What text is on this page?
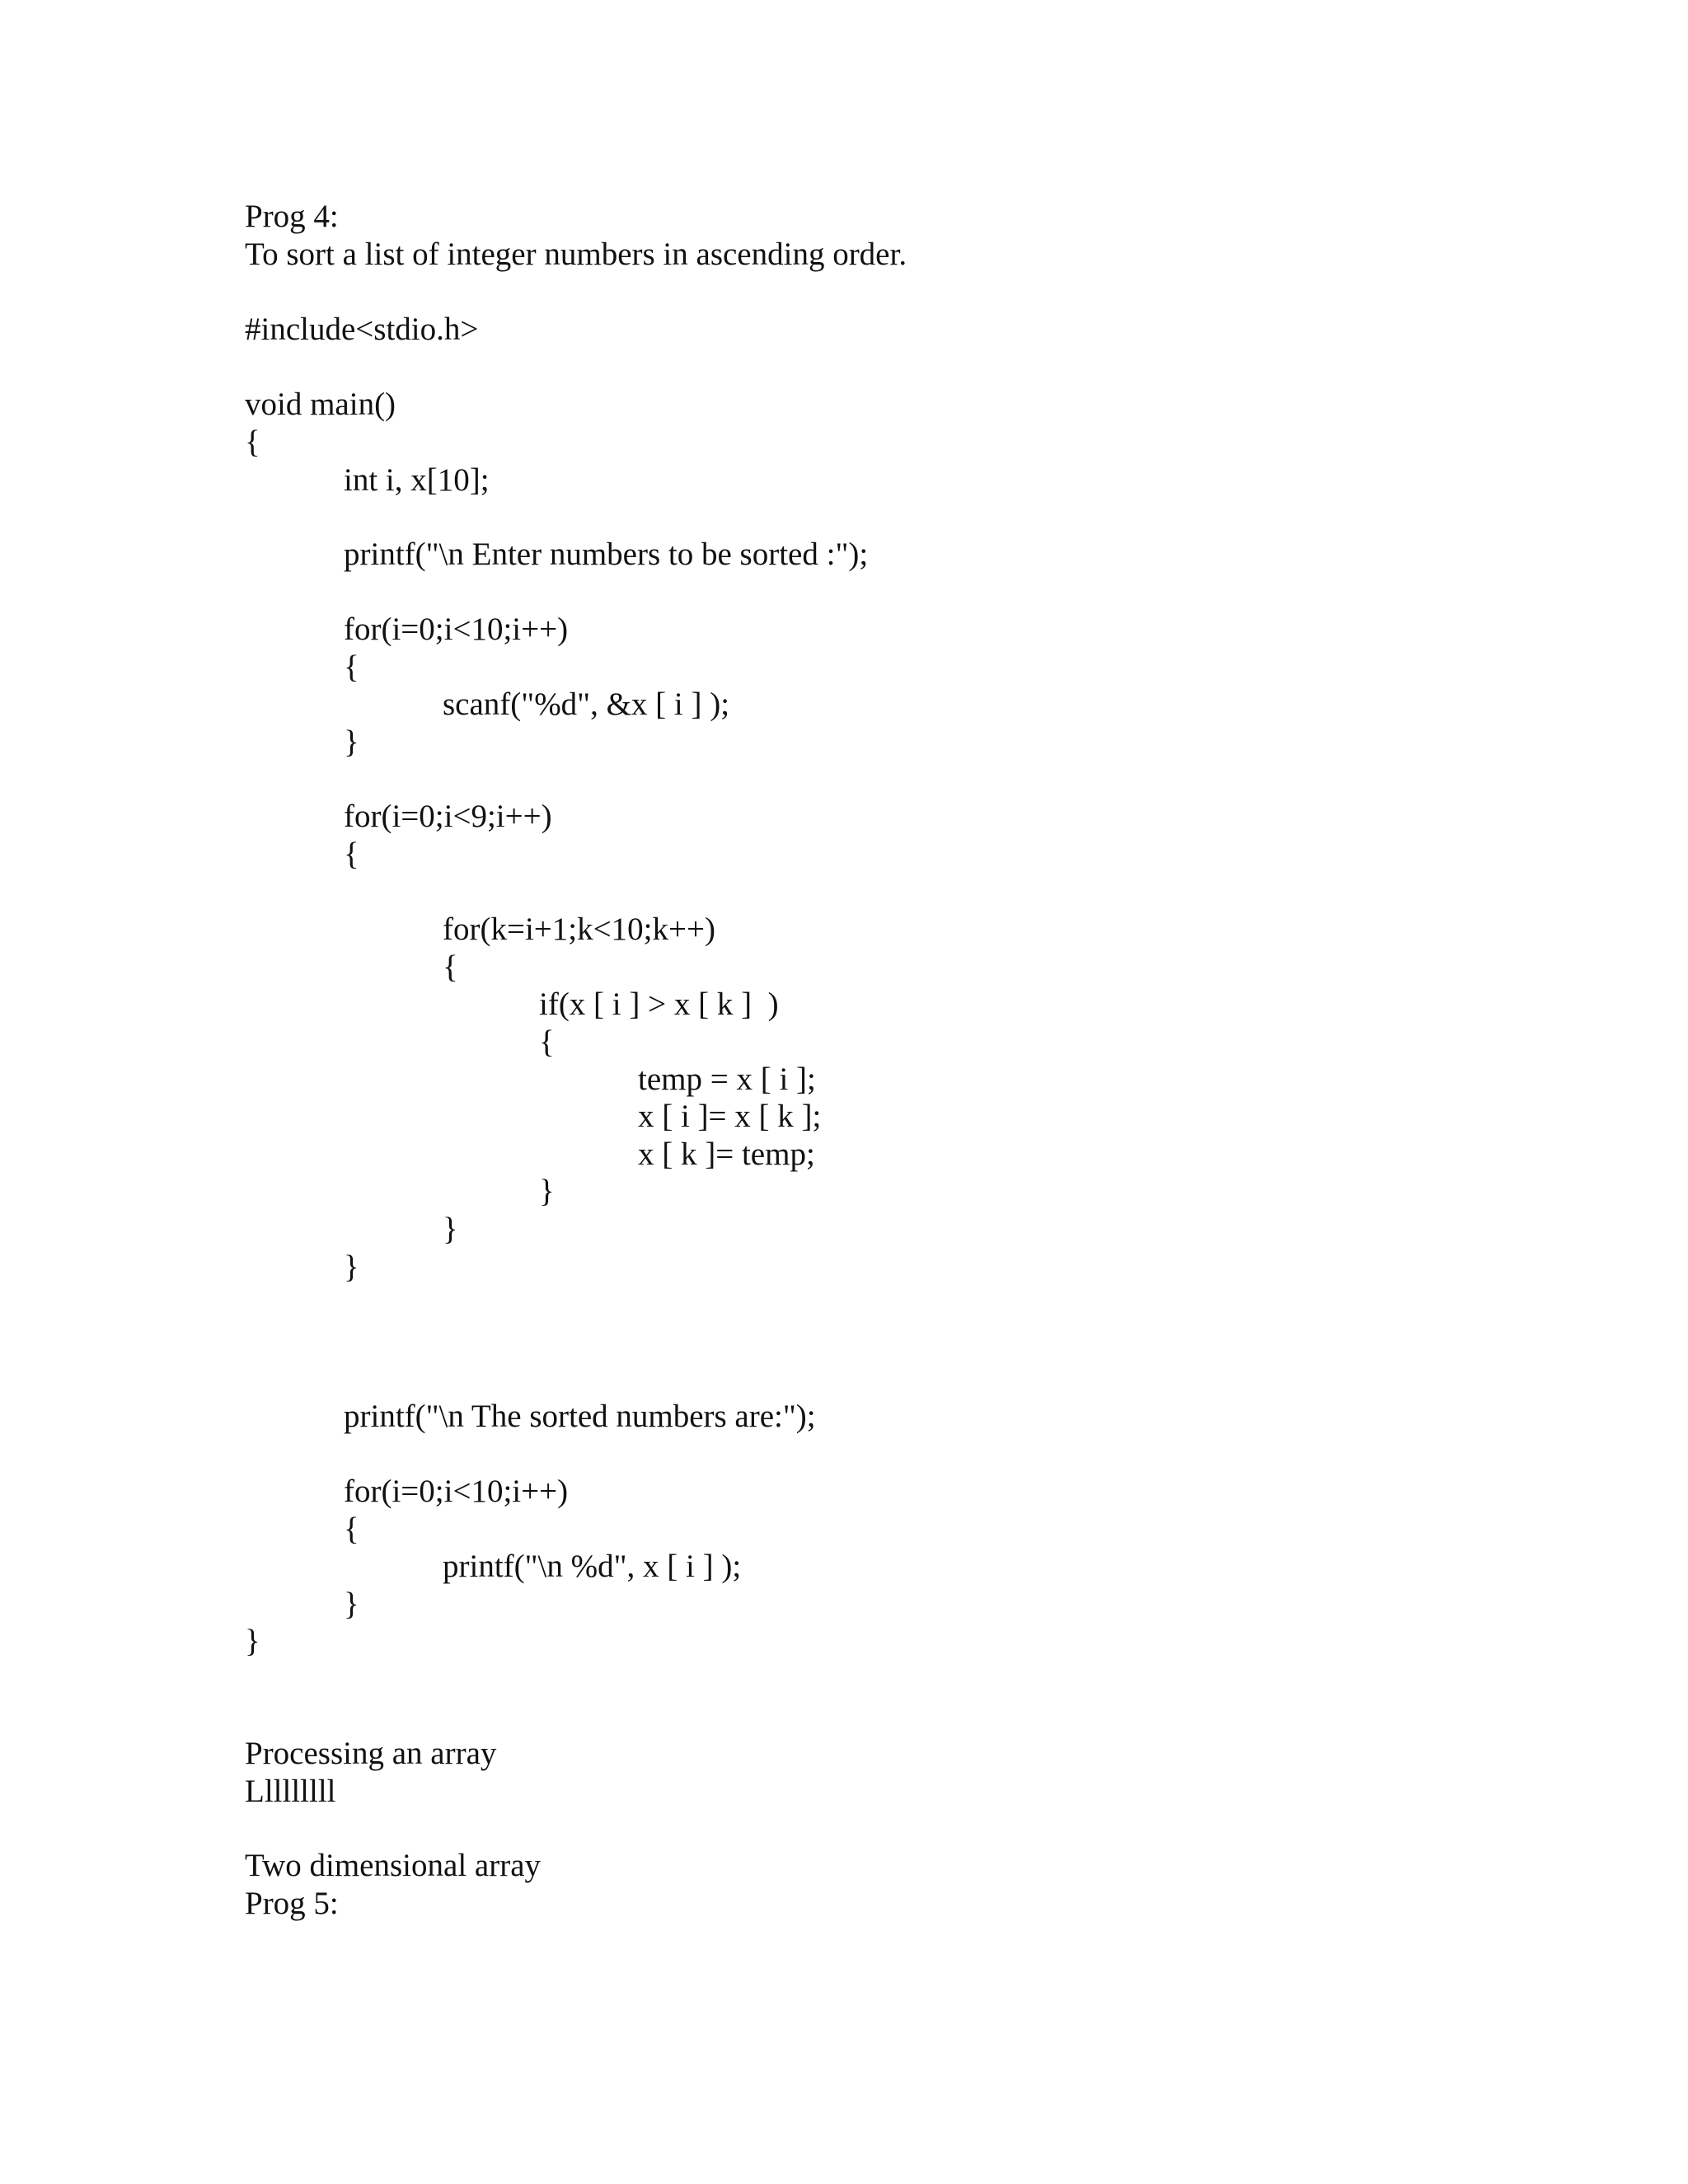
Prog 4:
To sort a list of integer numbers in ascending order.
#include<stdio.h>
void main()
{
int i, x[10];
printf("\n Enter numbers to be sorted :");
for(i=0;i<10;i++)
{
scanf("%d", &x [ i ] );
}
for(i=0;i<9;i++)
{
for(k=i+1;k<10;k++)
{
if(x [ i ] > x [ k ]  )
{
temp = x [ i ];
x [ i ]= x [ k ];
x [ k ]= temp;
}
}
}
printf("\n The sorted numbers are:");
for(i=0;i<10;i++)
{
printf("\n %d", x [ i ] );
}
}
Processing an array
Lllllllll
Two dimensional array
Prog 5:
